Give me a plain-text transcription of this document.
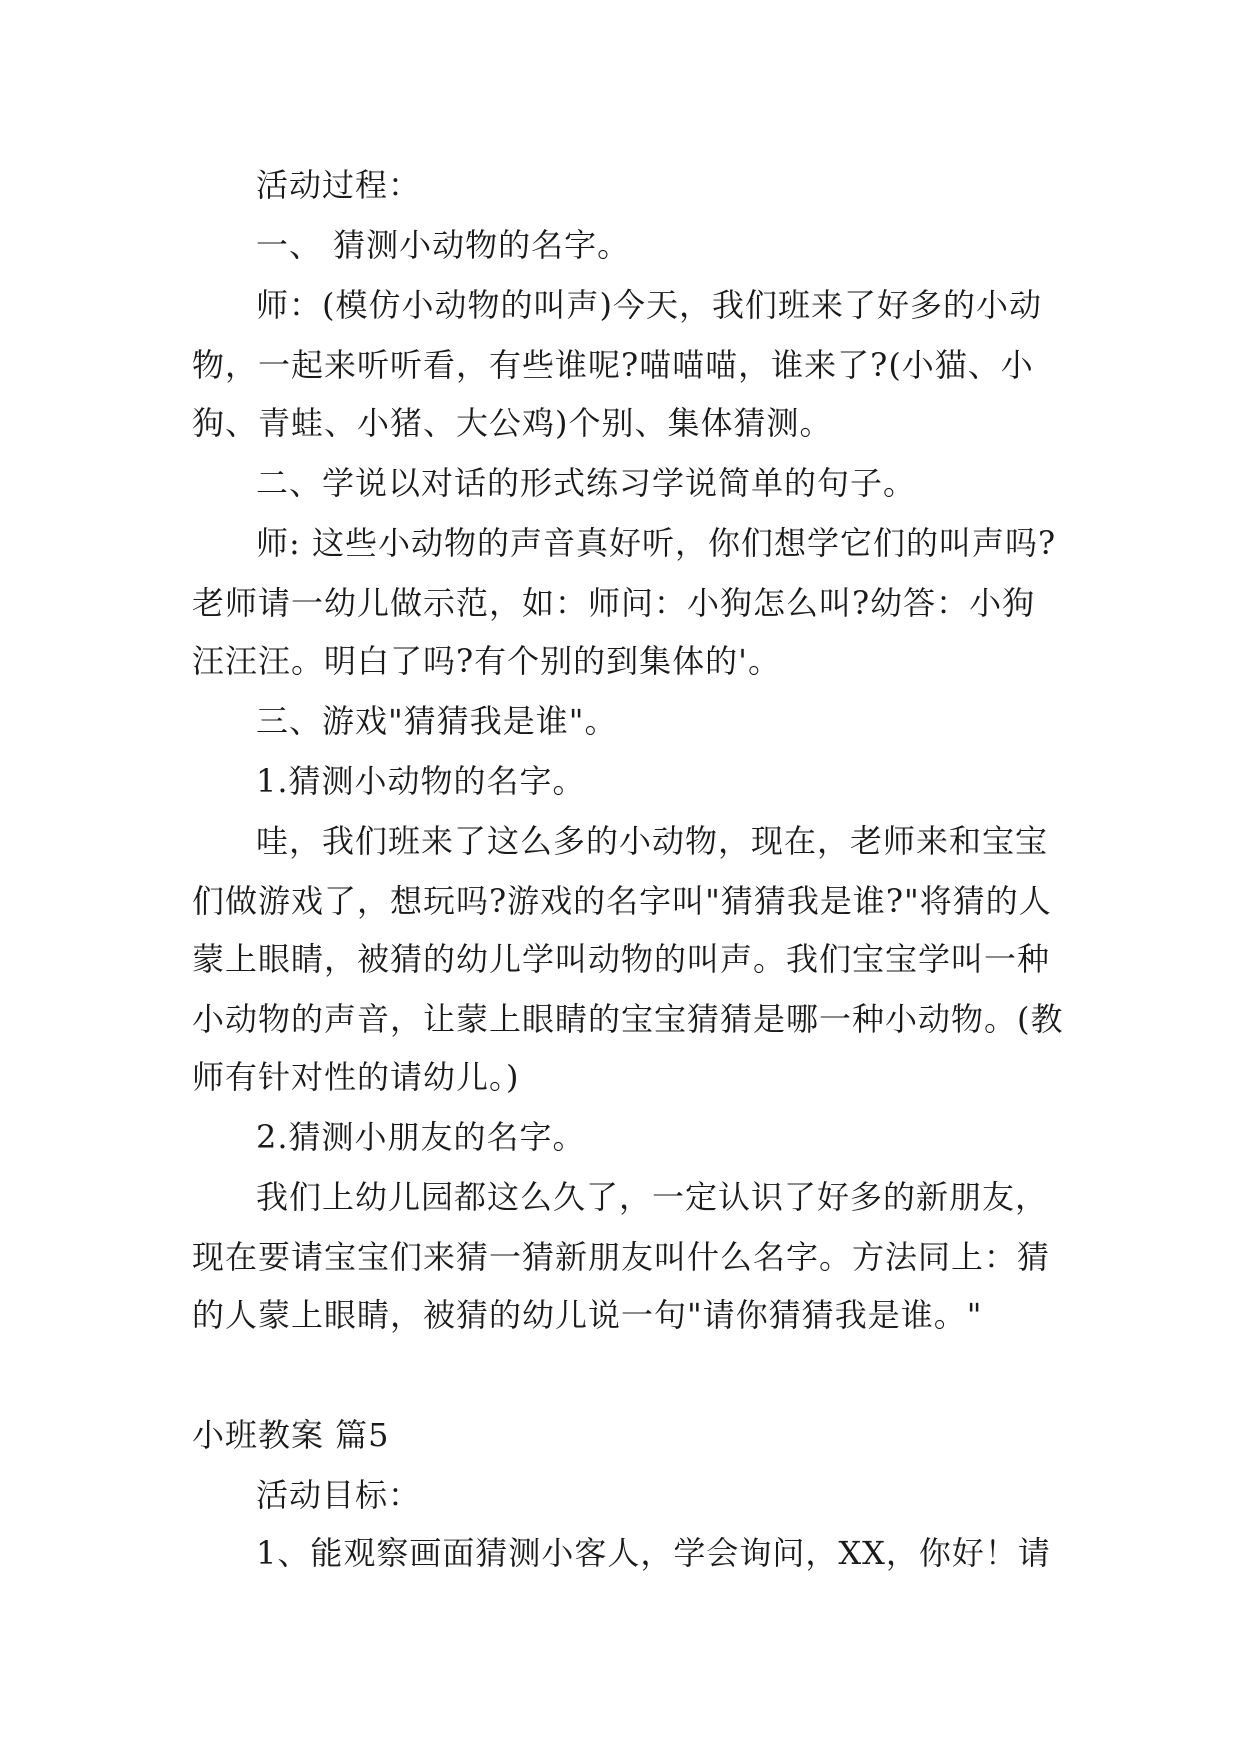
活动过程：
一、 猜测小动物的名字。
师：(模仿小动物的叫声)今天，我们班来了好多的小动
物，一起来听听看，有些谁呢?喵喵喵，谁来了?(小猫、小
狗、青蛙、小猪、大公鸡)个别、集体猜测。
二、学说以对话的形式练习学说简单的句子。
师: 这些小动物的声音真好听，你们想学它们的叫声吗?
老师请一幼儿做示范，如：师问：小狗怎么叫?幼答：小狗
汪汪汪。明白了吗?有个别的到集体的'。
三、游戏"猜猜我是谁"。
1.猜测小动物的名字。
哇，我们班来了这么多的小动物，现在，老师来和宝宝
们做游戏了，想玩吗?游戏的名字叫"猜猜我是谁?"将猜的人
蒙上眼睛，被猜的幼儿学叫动物的叫声。我们宝宝学叫一种
小动物的声音，让蒙上眼睛的宝宝猜猜是哪一种小动物。(教
师有针对性的请幼儿。)
2.猜测小朋友的名字。
我们上幼儿园都这么久了，一定认识了好多的新朋友，
现在要请宝宝们来猜一猜新朋友叫什么名字。方法同上：猜
的人蒙上眼睛，被猜的幼儿说一句"请你猜猜我是谁。"
小班教案 篇5
活动目标：
1、能观察画面猜测小客人，学会询问，XX，你好！请
